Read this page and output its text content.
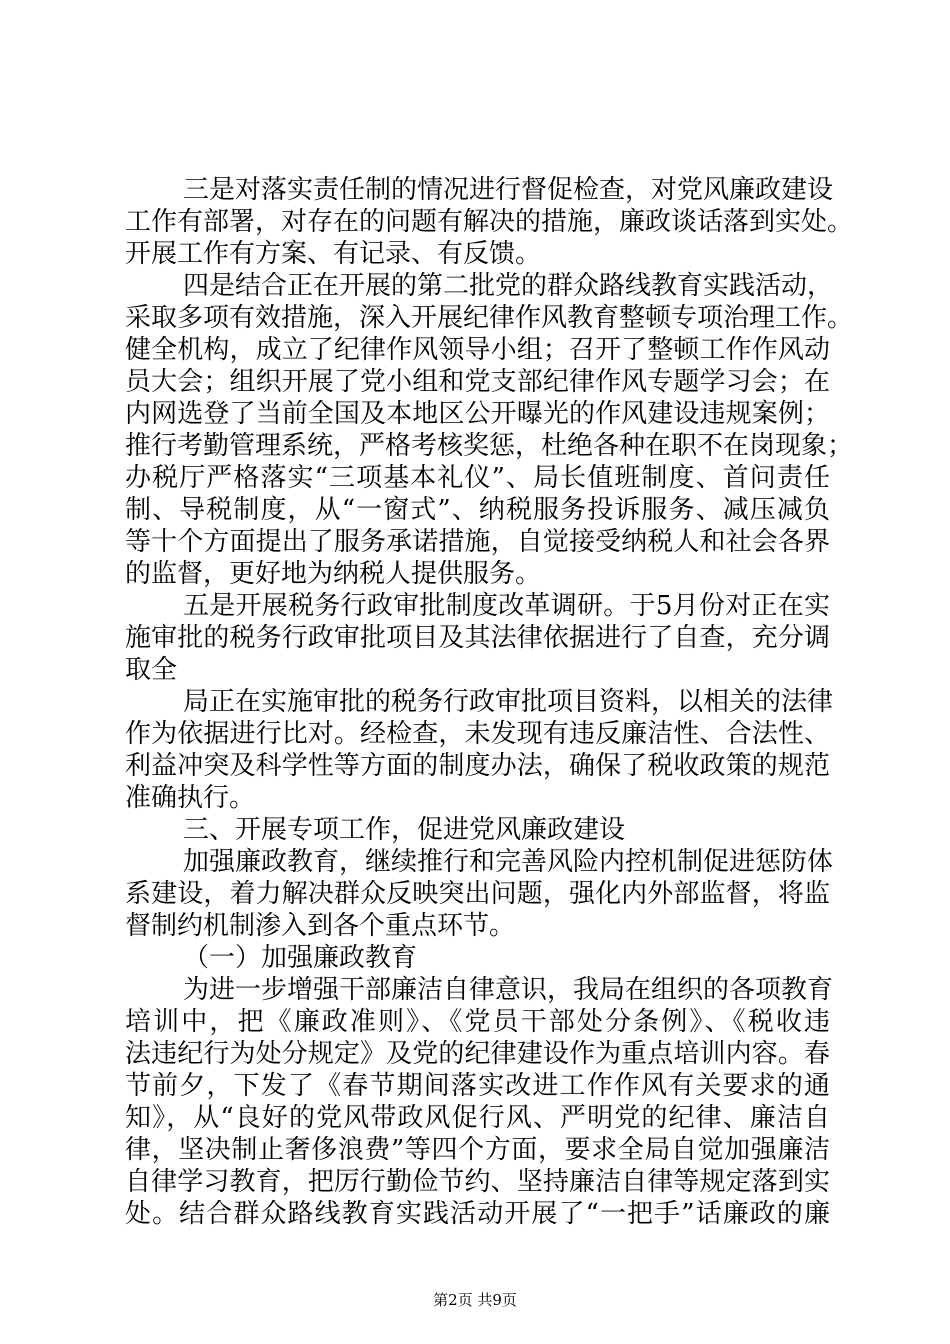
三是对落实责任制的情况进行督促检查，对党风廉政建设
工作有部署，对存在的问题有解决的措施，廉政谈话落到实处。
开展工作有方案、有记录、有反馈。
四是结合正在开展的第二批党的群众路线教育实践活动，
采取多项有效措施，深入开展纪律作风教育整顿专项治理工作。
健全机构，成立了纪律作风领导小组；召开了整顿工作作风动
员大会；组织开展了党小组和党支部纪律作风专题学习会；在
内网选登了当前全国及本地区公开曝光的作风建设违规案例；
推行考勤管理系统，严格考核奖惩，杜绝各种在职不在岗现象；
办税厅严格落实“三项基本礼仪”、局长值班制度、首问责任
制、导税制度，从“一窗式”、纳税服务投诉服务、减压减负
等十个方面提出了服务承诺措施，自觉接受纳税人和社会各界
的监督，更好地为纳税人提供服务。
五是开展税务行政审批制度改革调研。于5月份对正在实
施审批的税务行政审批项目及其法律依据进行了自查，充分调
取全
局正在实施审批的税务行政审批项目资料，以相关的法律
作为依据进行比对。经检查，未发现有违反廉洁性、合法性、
利益冲突及科学性等方面的制度办法，确保了税收政策的规范
准确执行。
三、开展专项工作，促进党风廉政建设
加强廉政教育，继续推行和完善风险内控机制促进惩防体
系建设，着力解决群众反映突出问题，强化内外部监督，将监
督制约机制渗入到各个重点环节。
（一）加强廉政教育
为进一步增强干部廉洁自律意识，我局在组织的各项教育
培训中，把《廉政准则》、《党员干部处分条例》、《税收违
法违纪行为处分规定》及党的纪律建设作为重点培训内容。春
节前夕，下发了《春节期间落实改进工作作风有关要求的通
知》，从“良好的党风带政风促行风、严明党的纪律、廉洁自
律，坚决制止奢侈浪费”等四个方面，要求全局自觉加强廉洁
自律学习教育，把厉行勤俭节约、坚持廉洁自律等规定落到实
处。结合群众路线教育实践活动开展了“一把手”话廉政的廉
第2页 共9页
